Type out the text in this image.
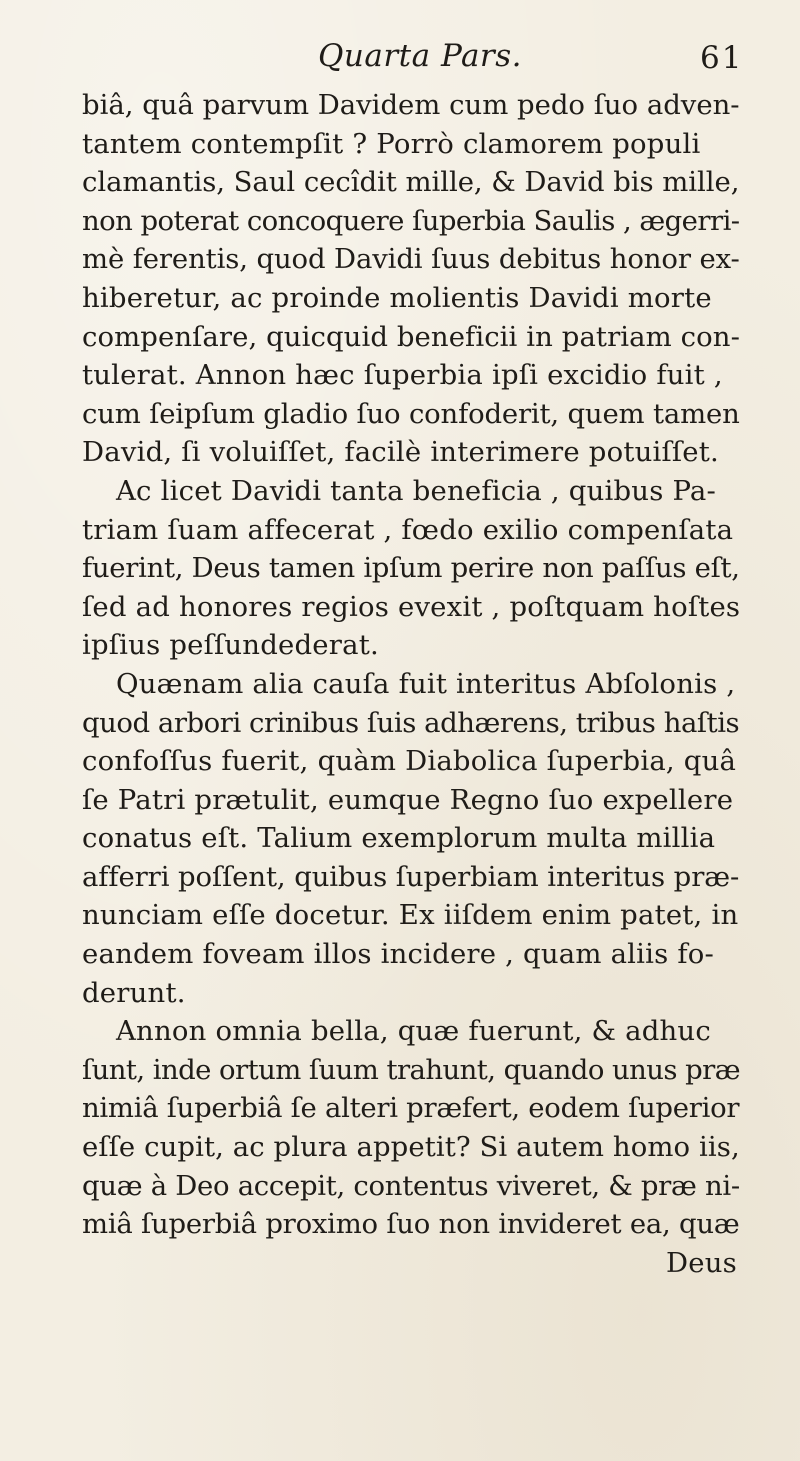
Quarta Pars.	61
biâ, quâ parvum Davidem cum pedo ſuo adven-
tantem contempſit ? Porrò clamorem populi
clamantis, Saul cecîdit mille, & David bis mille,
non poterat concoquere ſuperbia Saulis , ægerri-
mè ferentis, quod Davidi ſuus debitus honor ex-
hiberetur, ac proinde molientis Davidi morte
compenſare, quicquid beneficii in patriam con-
tulerat. Annon hæc ſuperbia ipſi excidio fuit ,
cum ſeipſum gladio ſuo confoderit, quem tamen
David, ſi voluiſſet, facilè interimere potuiſſet.
Ac licet Davidi tanta beneficia , quibus Pa-
triam ſuam affecerat , fœdo exilio compenſata
fuerint, Deus tamen ipſum perire non paſſus eſt,
ſed ad honores regios evexit , poſtquam hoſtes
ipſius peſſundederat.
Quænam alia cauſa fuit interitus Abſolonis ,
quod arbori crinibus ſuis adhærens, tribus haſtis
confoſſus fuerit, quàm Diabolica ſuperbia, quâ
ſe Patri prætulit, eumque Regno ſuo expellere
conatus eſt. Talium exemplorum multa millia
afferri poſſent, quibus ſuperbiam interitus præ-
nunciam eſſe docetur. Ex iiſdem enim patet, in
eandem foveam illos incidere , quam aliis fo-
derunt.
Annon omnia bella, quæ fuerunt, & adhuc
ſunt, inde ortum ſuum trahunt, quando unus præ
nimiâ ſuperbiâ ſe alteri præfert, eodem ſuperior
eſſe cupit, ac plura appetit? Si autem homo iis,
quæ à Deo accepit, contentus viveret, & præ ni-
miâ ſuperbiâ proximo ſuo non invideret ea, quæ
Deus
